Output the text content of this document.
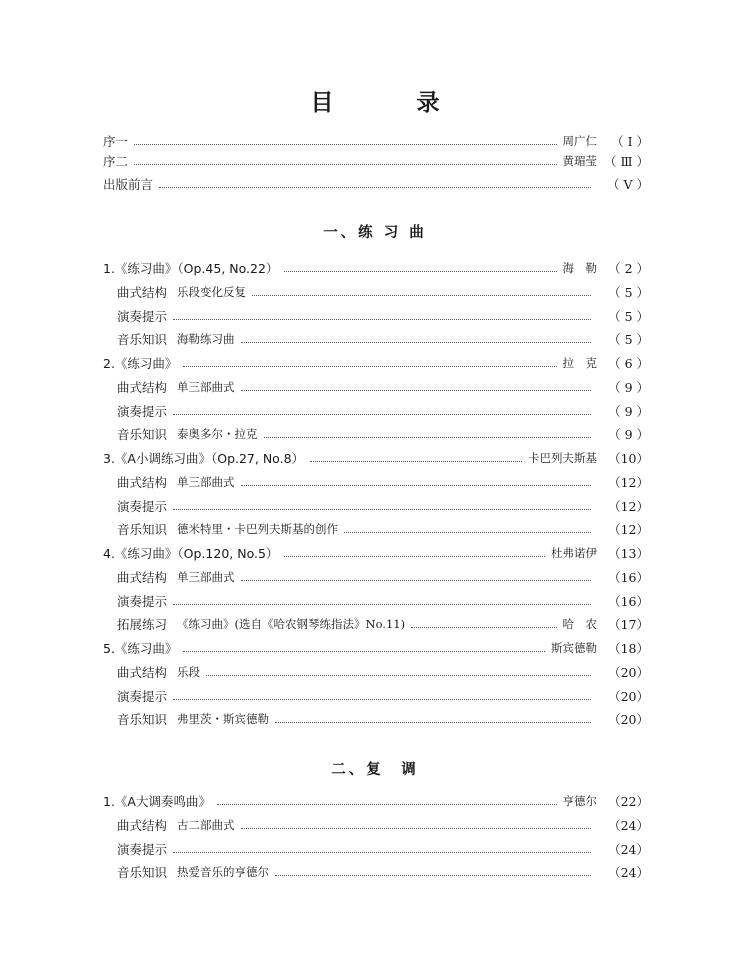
目　录
序一	周广仁	（ Ⅰ ）
序二	黄瑂莹 （ Ⅲ ）
出版前言	（ Ⅴ ）
一、练 习 曲
1.《练习曲》（Op.45, No.22）	海　勒 （ 2 ）
曲式结构 乐段变化反复	（ 5 ）
演奏提示	（ 5 ）
音乐知识 海勒练习曲	（ 5 ）
2.《练习曲》	拉　克 （ 6 ）
曲式结构 单三部曲式	（ 9 ）
演奏提示	（ 9 ）
音乐知识 泰奥多尔・拉克	（ 9 ）
3.《A小调练习曲》（Op.27, No.8）	卡巴列夫斯基 （10）
曲式结构 单三部曲式	（12）
演奏提示	（12）
音乐知识 德米特里・卡巴列夫斯基的创作	（12）
4.《练习曲》（Op.120, No.5）	杜弗诺伊 （13）
曲式结构 单三部曲式	（16）
演奏提示	（16）
拓展练习 《练习曲》(选自《哈农钢琴练指法》No.11)	哈　农 （17）
5.《练习曲》	斯宾德勒 （18）
曲式结构 乐段	（20）
演奏提示	（20）
音乐知识 弗里茨・斯宾德勒	（20）
二、复　调
1.《A大调奏鸣曲》	亨德尔 （22）
曲式结构 古二部曲式	（24）
演奏提示	（24）
音乐知识 热爱音乐的亨德尔	（24）
